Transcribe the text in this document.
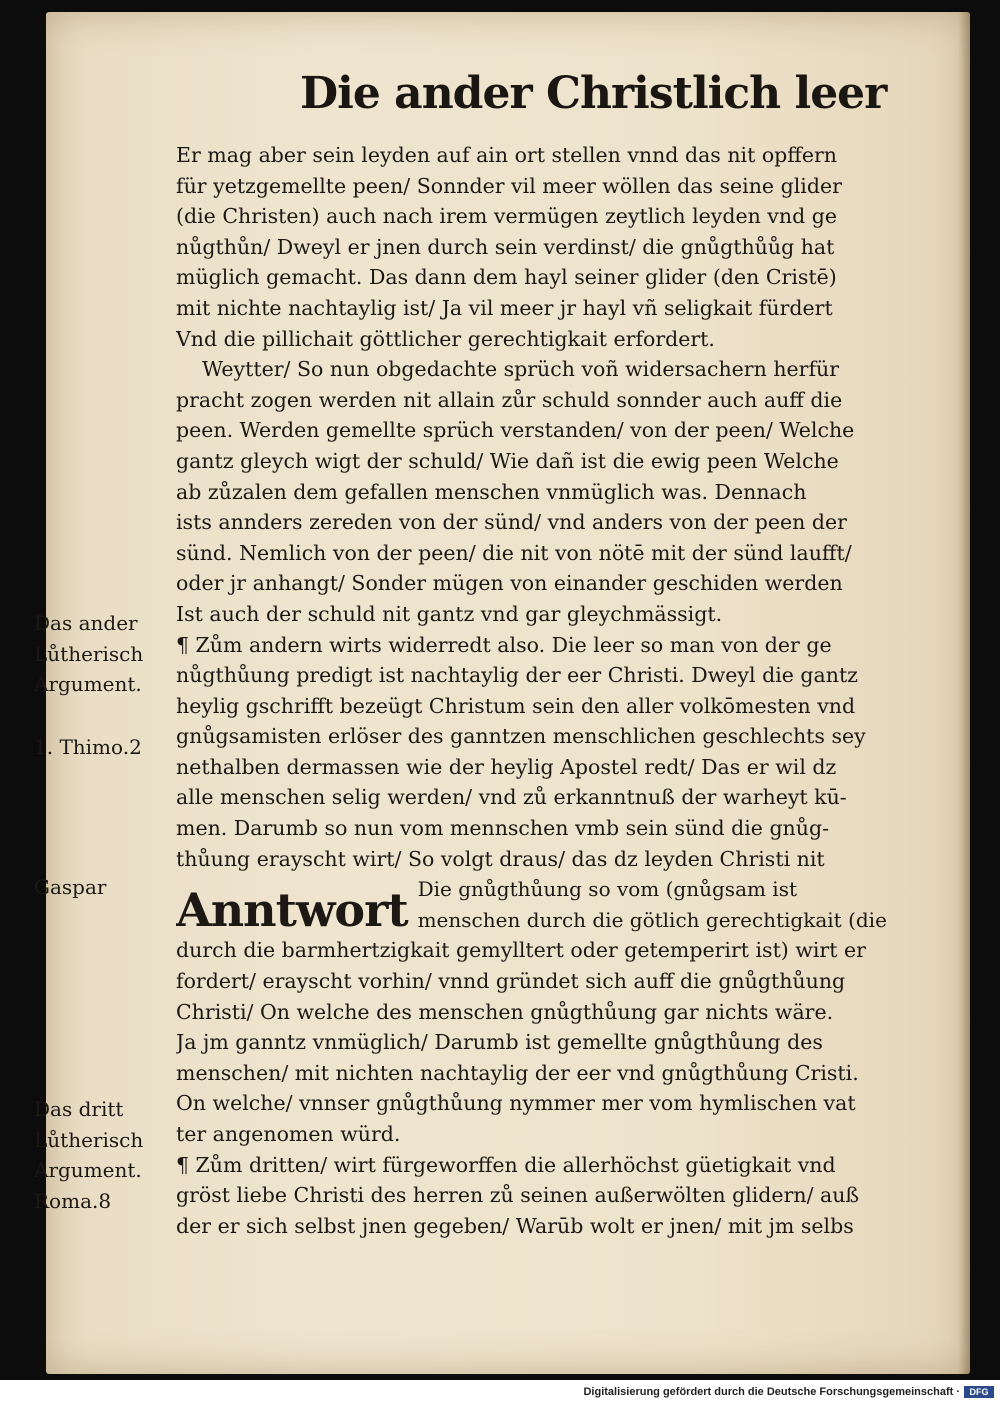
Die ander Christlich leer
Er mag aber sein leyden auf ain ort stellen vnnd das nit opffern
für yetzgemellte peen/ Sonnder vil meer wöllen das seine glider
(die Christen) auch nach irem vermügen zeytlich leyden vnd ge
nůgthůn/ Dweyl er jnen durch sein verdinst/ die gnůgthůůg hat
müglich gemacht. Das dann dem hayl seiner glider (den Cristē)
mit nichte nachtaylig ist/ Ja vil meer jr hayl vñ seligkait fürdert
Vnd die pillichait göttlicher gerechtigkait erfordert.
Weytter/ So nun obgedachte sprüch voñ widersachern herfür
pracht zogen werden nit allain zůr schuld sonnder auch auff die
peen. Werden gemellte sprüch verstanden/ von der peen/ Welche
gantz gleych wigt der schuld/ Wie dañ ist die ewig peen Welche
ab zůzalen dem gefallen menschen vnmüglich was. Dennach
ists annders zereden von der sünd/ vnd anders von der peen der
sünd. Nemlich von der peen/ die nit von nötē mit der sünd laufft/
oder jr anhangt/ Sonder mügen von einander geschiden werden
Ist auch der schuld nit gantz vnd gar gleychmässigt.
¶ Zům andern wirts widerredt also. Die leer so man von der ge
nůgthůung predigt ist nachtaylig der eer Christi. Dweyl die gantz
heylig gschrifft bezeügt Christum sein den aller volkōmesten vnd
gnůgsamisten erlöser des ganntzen menschlichen geschlechts sey
nethalben dermassen wie der heylig Apostel redt/ Das er wil dz
alle menschen selig werden/ vnd zů erkanntnuß der warheyt kū-
men. Darumb so nun vom mennschen vmb sein sünd die gnůg-
thůung erayscht wirt/ So volgt draus/ das dz leyden Christi nit
Anntwort Die gnůgthůung so vom (gnůgsam ist
menschen durch die götlich gerechtigkait (die
durch die barmhertzigkait gemylltert oder getemperirt ist) wirt er
fordert/ erayscht vorhin/ vnnd gründet sich auff die gnůgthůung
Christi/ On welche des menschen gnůgthůung gar nichts wäre.
Ja jm ganntz vnmüglich/ Darumb ist gemellte gnůgthůung des
menschen/ mit nichten nachtaylig der eer vnd gnůgthůung Cristi.
On welche/ vnnser gnůgthůung nymmer mer vom hymlischen vat
ter angenomen würd.
¶ Zům dritten/ wirt fürgeworffen die allerhöchst güetigkait vnd
gröst liebe Christi des herren zů seinen außerwölten glidern/ auß
der er sich selbst jnen gegeben/ Warūb wolt er jnen/ mit jm selbs
Das ander
Lůtherisch
Argument.
1. Thimo.2
Gaspar
Das dritt
Lůtherisch
Argument.
Roma.8
Digitalisierung gefördert durch die Deutsche Forschungsgemeinschaft ·	DFG
